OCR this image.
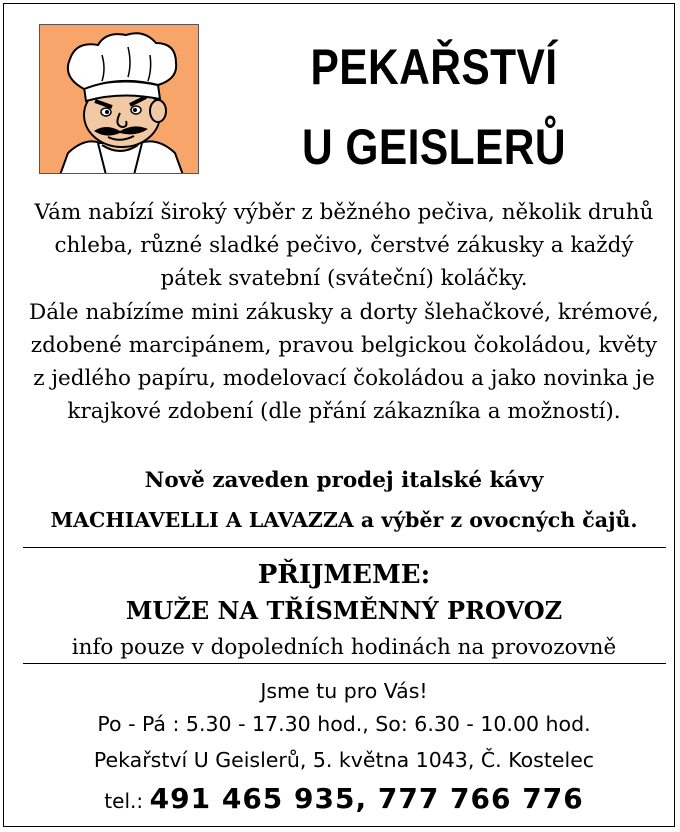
PEKAŘSTVÍ
U GEISLERŮ
Vám nabízí široký výběr z běžného pečiva, několik druhů chleba, různé sladké pečivo, čerstvé zákusky a každý pátek svatební (sváteční) koláčky.
Dále nabízíme mini zákusky a dorty šlehačkové, krémové, zdobené marcipánem, pravou belgickou čokoládou, květy z jedlého papíru, modelovací čokoládou a jako novinka je krajkové zdobení (dle přání zákazníka a možností).
Nově zaveden prodej italské kávy
MACHIAVELLI A LAVAZZA a výběr z ovocných čajů.
PŘIJMEME:
MUŽE NA TŘÍSMĚNNÝ PROVOZ
info pouze v dopoledních hodinách na provozovně
Jsme tu pro Vás!
Po - Pá : 5.30 - 17.30 hod., So: 6.30 - 10.00 hod.
Pekařství U Geislerů, 5. května 1043, Č. Kostelec
tel.: 491 465 935, 777 766 776
